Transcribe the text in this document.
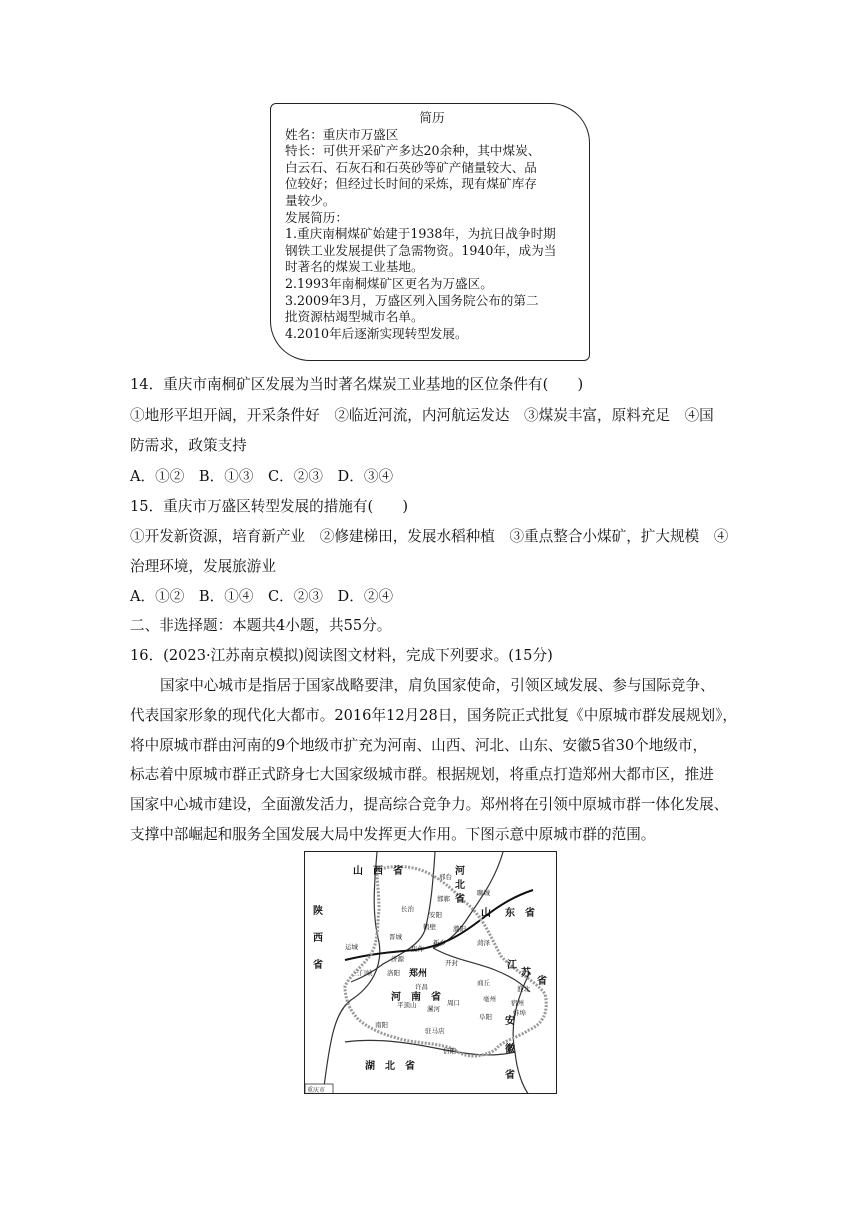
简历
姓名：重庆市万盛区
特长：可供开采矿产多达20余种，其中煤炭、
白云石、石灰石和石英砂等矿产储量较大、品
位较好；但经过长时间的采炼，现有煤矿库存
量较少。
发展简历：
1.重庆南桐煤矿始建于1938年，为抗日战争时期
钢铁工业发展提供了急需物资。1940年，成为当
时著名的煤炭工业基地。
2.1993年南桐煤矿区更名为万盛区。
3.2009年3月，万盛区列入国务院公布的第二
批资源枯竭型城市名单。
4.2010年后逐渐实现转型发展。
14．重庆市南桐矿区发展为当时著名煤炭工业基地的区位条件有(　　)
①地形平坦开阔，开采条件好　②临近河流，内河航运发达　③煤炭丰富，原料充足　④国
防需求，政策支持
A．①②　B．①③　C．②③　D．③④
15．重庆市万盛区转型发展的措施有(　　)
①开发新资源，培育新产业　②修建梯田，发展水稻种植　③重点整合小煤矿，扩大规模　④
治理环境，发展旅游业
A．①②　B．①④　C．②③　D．②④
二、非选择题：本题共4小题，共55分。
16．(2023·江苏南京模拟)阅读图文材料，完成下列要求。(15分)
国家中心城市是指居于国家战略要津，肩负国家使命，引领区域发展、参与国际竞争、
代表国家形象的现代化大都市。2016年12月28日，国务院正式批复《中原城市群发展规划》，
将中原城市群由河南的9个地级市扩充为河南、山西、河北、山东、安徽5省30个地级市，
标志着中原城市群正式跻身七大国家级城市群。根据规划，将重点打造郑州大都市区，推进
国家中心城市建设，全面激发活力，提高综合竞争力。郑州将在引领中原城市群一体化发展、
支撑中部崛起和服务全国发展大局中发挥更大作用。下图示意中原城市群的范围。
山　西　省	河
北
省
山 东　省
陕
西
省	江
苏
省
河　南　省
安
徽
省
湖　北　省
邢台
邯郸
聊城
长治
安阳
鹤壁	濮阳
晋城
菏泽
运城	焦作
新乡
济源	开封
郑州
三门峡 洛阳
许昌	商丘
淮北
亳州 宿州
平顶山 漯河
周口
阜阳	蚌埠
南阳
驻马店
信阳
重庆市
